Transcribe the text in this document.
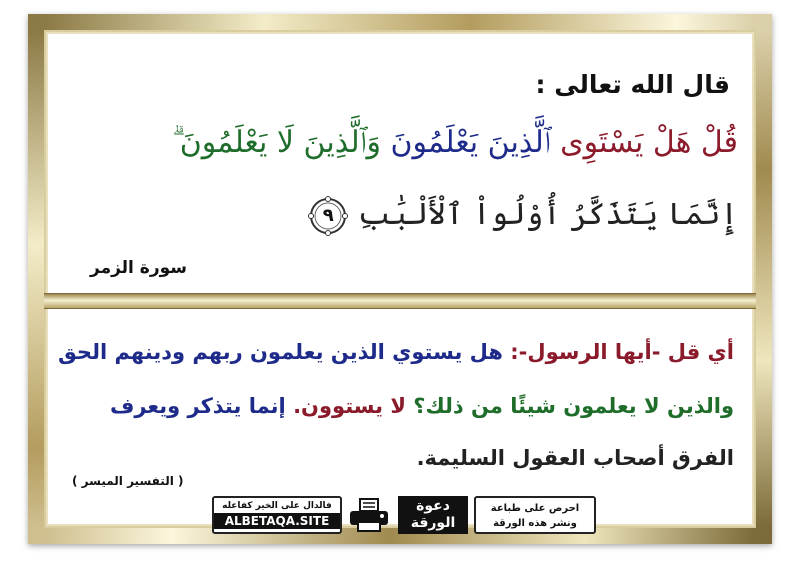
قال الله تعالى :
قُلْ هَلْ يَسْتَوِى ٱلَّذِينَ يَعْلَمُونَ وَٱلَّذِينَ لَا يَعْلَمُونَ ۗ
إِنَّمَا يَتَذَكَّرُ أُوْلُواْ ٱلْأَلْبَٰبِ
٩
سورة الزمر
أي قل -أيها الرسول-: هل يستوي الذين يعلمون ربهم ودينهم الحق
والذين لا يعلمون شيئًا من ذلك؟ لا يستوون. إنما يتذكر ويعرف
الفرق أصحاب العقول السليمة.
( التفسير الميسر )
فالدال على الخير كفاعله
ALBETAQA.SITE
دعوة الورقة
احرص على طباعة
ونشر هذه الورقة
